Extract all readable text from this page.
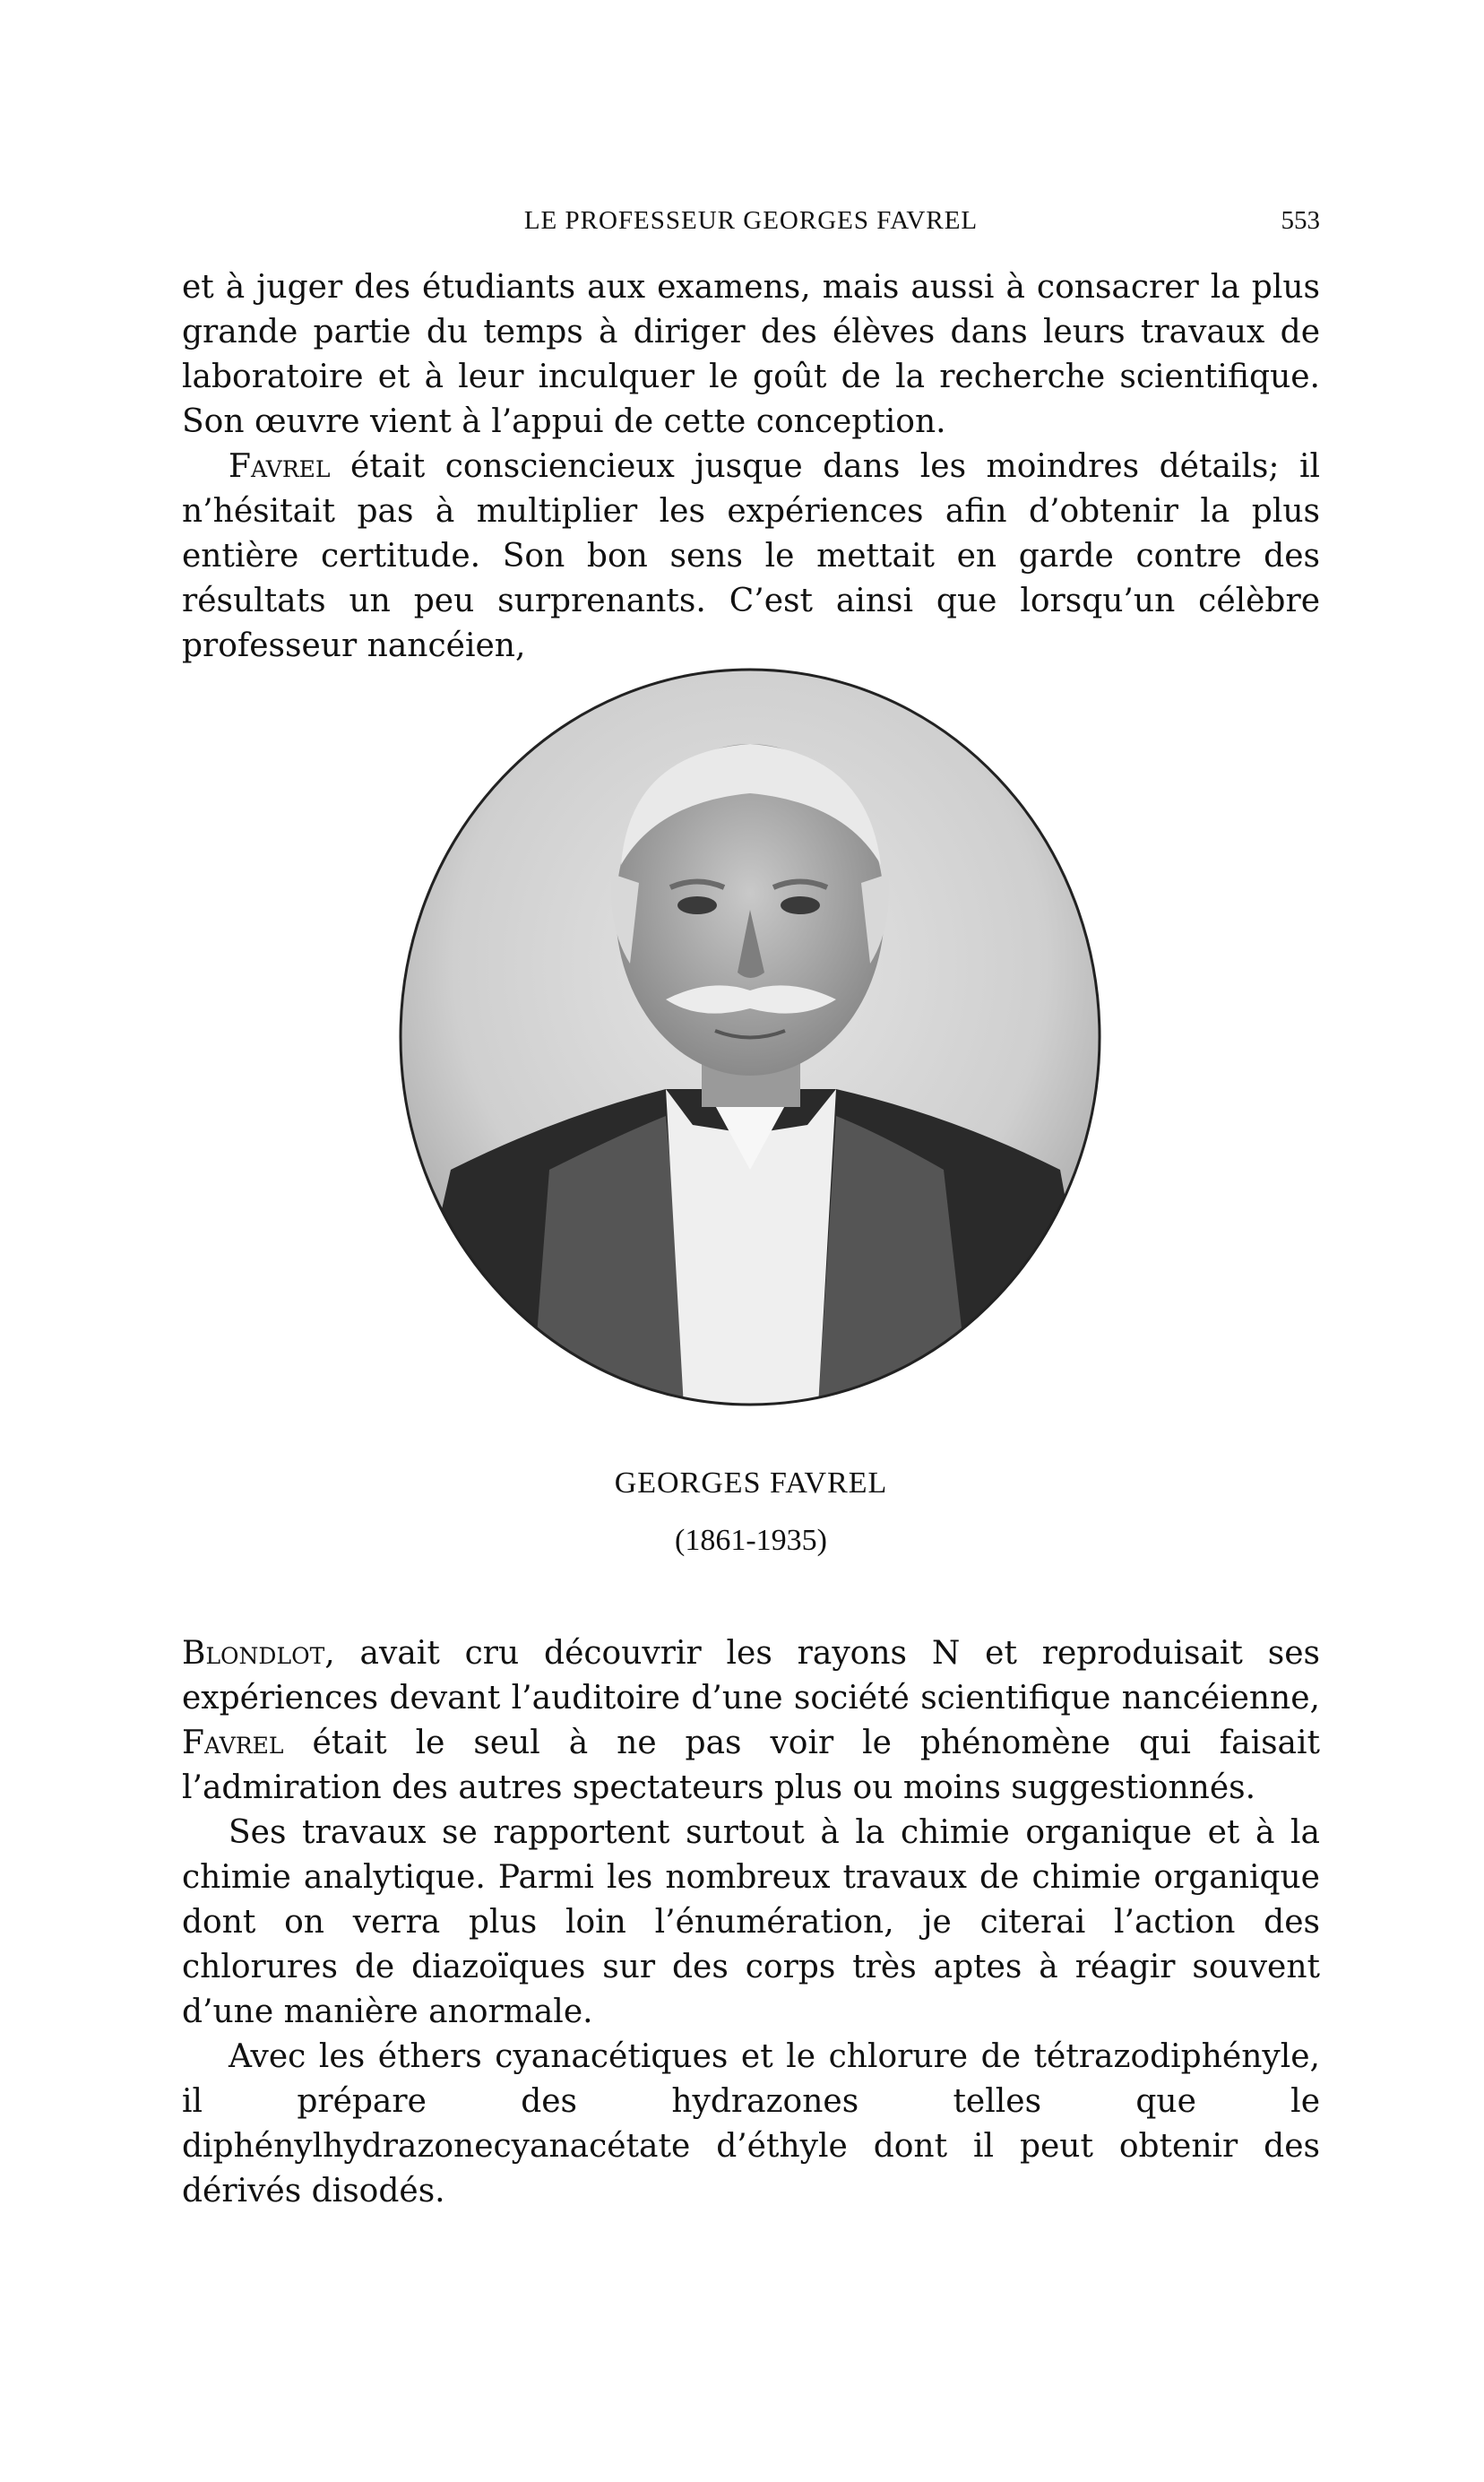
LE PROFESSEUR GEORGES FAVREL	553

et à juger des étudiants aux examens, mais aussi à consacrer la plus grande partie du temps à diriger des élèves dans leurs travaux de laboratoire et à leur inculquer le goût de la recherche scientifique. Son œuvre vient à l’appui de cette conception.

Favrel était consciencieux jusque dans les moindres détails; il n’hésitait pas à multiplier les expériences afin d’obtenir la plus entière certitude. Son bon sens le mettait en garde contre des résultats un peu surprenants. C’est ainsi que lorsqu’un célèbre professeur nancéien,

GEORGES FAVREL
(1861-1935)

Blondlot, avait cru découvrir les rayons N et reproduisait ses expériences devant l’auditoire d’une société scientifique nancéienne, Favrel était le seul à ne pas voir le phénomène qui faisait l’admiration des autres spectateurs plus ou moins suggestionnés.

Ses travaux se rapportent surtout à la chimie organique et à la chimie analytique. Parmi les nombreux travaux de chimie organique dont on verra plus loin l’énumération, je citerai l’action des chlorures de diazoïques sur des corps très aptes à réagir souvent d’une manière anormale.

Avec les éthers cyanacétiques et le chlorure de tétrazodiphényle, il prépare des hydrazones telles que le diphénylhydrazonecyanacétate d’éthyle dont il peut obtenir des dérivés disodés.
